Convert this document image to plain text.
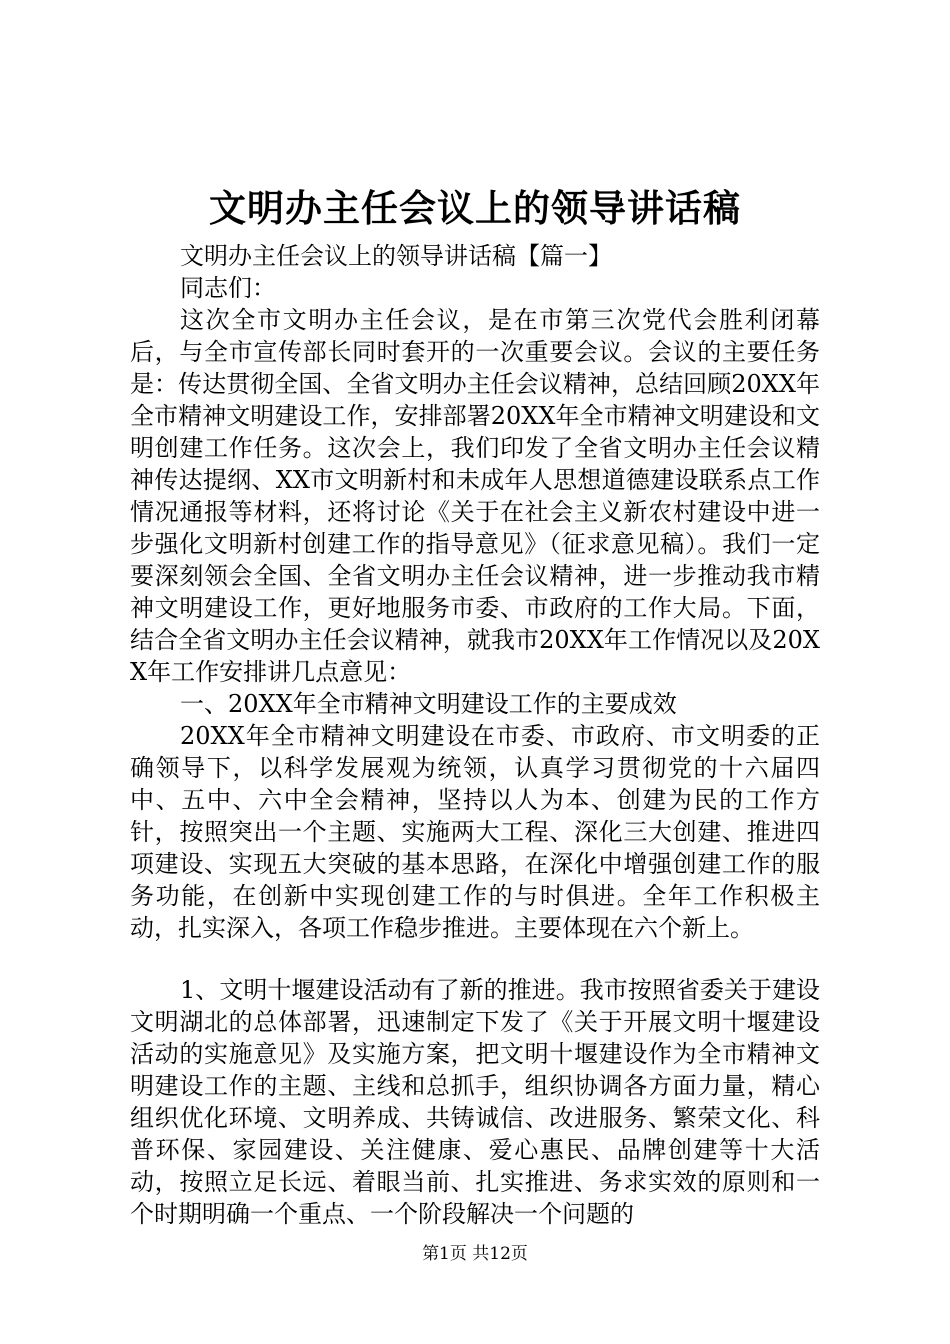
文明办主任会议上的领导讲话稿

文明办主任会议上的领导讲话稿【篇一】

同志们：

这次全市文明办主任会议，是在市第三次党代会胜利闭幕后，与全市宣传部长同时套开的一次重要会议。会议的主要任务是：传达贯彻全国、全省文明办主任会议精神，总结回顾20XX年全市精神文明建设工作，安排部署20XX年全市精神文明建设和文明创建工作任务。这次会上，我们印发了全省文明办主任会议精神传达提纲、XX市文明新村和未成年人思想道德建设联系点工作情况通报等材料，还将讨论《关于在社会主义新农村建设中进一步强化文明新村创建工作的指导意见》（征求意见稿）。我们一定要深刻领会全国、全省文明办主任会议精神，进一步推动我市精神文明建设工作，更好地服务市委、市政府的工作大局。下面，结合全省文明办主任会议精神，就我市20XX年工作情况以及20XX年工作安排讲几点意见：

一、20XX年全市精神文明建设工作的主要成效

20XX年全市精神文明建设在市委、市政府、市文明委的正确领导下，以科学发展观为统领，认真学习贯彻党的十六届四中、五中、六中全会精神，坚持以人为本、创建为民的工作方针，按照突出一个主题、实施两大工程、深化三大创建、推进四项建设、实现五大突破的基本思路，在深化中增强创建工作的服务功能，在创新中实现创建工作的与时俱进。全年工作积极主动，扎实深入，各项工作稳步推进。主要体现在六个新上。

1、文明十堰建设活动有了新的推进。我市按照省委关于建设文明湖北的总体部署，迅速制定下发了《关于开展文明十堰建设活动的实施意见》及实施方案，把文明十堰建设作为全市精神文明建设工作的主题、主线和总抓手，组织协调各方面力量，精心组织优化环境、文明养成、共铸诚信、改进服务、繁荣文化、科普环保、家园建设、关注健康、爱心惠民、品牌创建等十大活动，按照立足长远、着眼当前、扎实推进、务求实效的原则和一个时期明确一个重点、一个阶段解决一个问题的

第1页 共12页
